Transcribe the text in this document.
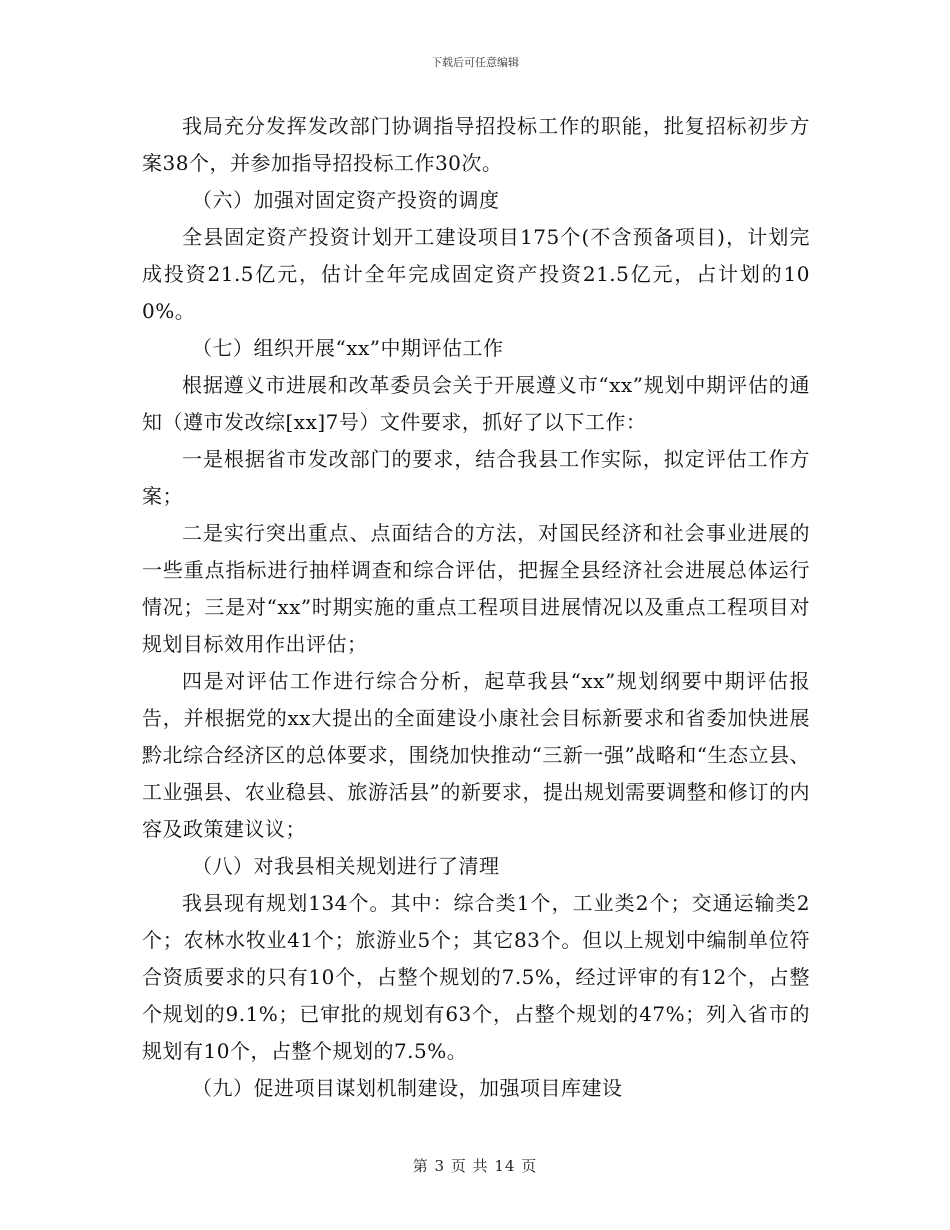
下载后可任意编辑

我局充分发挥发改部门协调指导招投标工作的职能，批复招标初步方案38个，并参加指导招投标工作30次。

（六）加强对固定资产投资的调度

全县固定资产投资计划开工建设项目175个(不含预备项目)，计划完成投资21.5亿元，估计全年完成固定资产投资21.5亿元，占计划的100%。

（七）组织开展“xx”中期评估工作

根据遵义市进展和改革委员会关于开展遵义市“xx”规划中期评估的通知（遵市发改综[xx]7号）文件要求，抓好了以下工作：

一是根据省市发改部门的要求，结合我县工作实际，拟定评估工作方案；

二是实行突出重点、点面结合的方法，对国民经济和社会事业进展的一些重点指标进行抽样调查和综合评估，把握全县经济社会进展总体运行情况；三是对“xx”时期实施的重点工程项目进展情况以及重点工程项目对规划目标效用作出评估；

四是对评估工作进行综合分析，起草我县“xx”规划纲要中期评估报告，并根据党的xx大提出的全面建设小康社会目标新要求和省委加快进展黔北综合经济区的总体要求，围绕加快推动“三新一强”战略和“生态立县、工业强县、农业稳县、旅游活县”的新要求，提出规划需要调整和修订的内容及政策建议议；

（八）对我县相关规划进行了清理

我县现有规划134个。其中：综合类1个，工业类2个；交通运输类2个；农林水牧业41个；旅游业5个；其它83个。但以上规划中编制单位符合资质要求的只有10个，占整个规划的7.5%，经过评审的有12个，占整个规划的9.1%；已审批的规划有63个，占整个规划的47%；列入省市的规划有10个，占整个规划的7.5%。

（九）促进项目谋划机制建设，加强项目库建设

第 3 页 共 14 页
